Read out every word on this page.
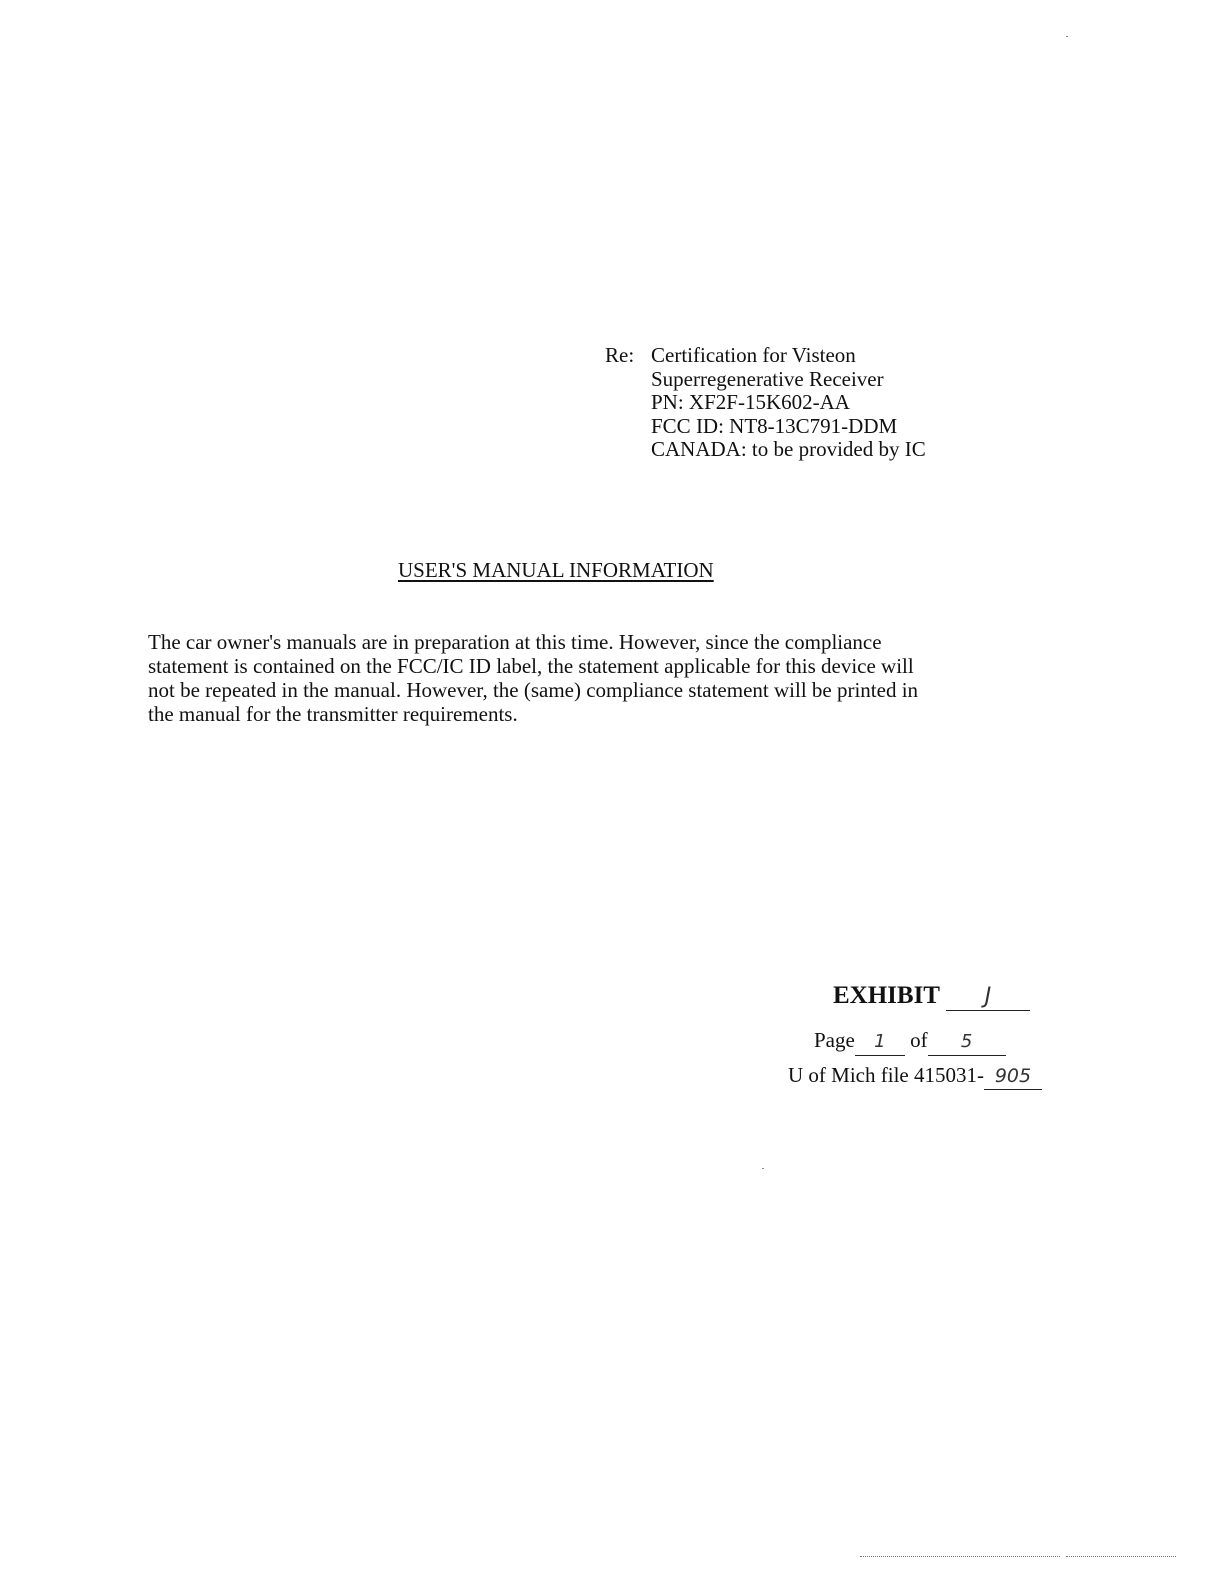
Re: Certification for Visteon
Superregenerative Receiver
PN: XF2F-15K602-AA
FCC ID: NT8-13C791-DDM
CANADA: to be provided by IC
USER'S MANUAL INFORMATION
The car owner's manuals are in preparation at this time. However, since the compliance
statement is contained on the FCC/IC ID label, the statement applicable for this device will
not be repeated in the manual. However, the (same) compliance statement will be printed in
the manual for the transmitter requirements.
EXHIBIT J
Page 1 of 5
U of Mich file 415031- 905
